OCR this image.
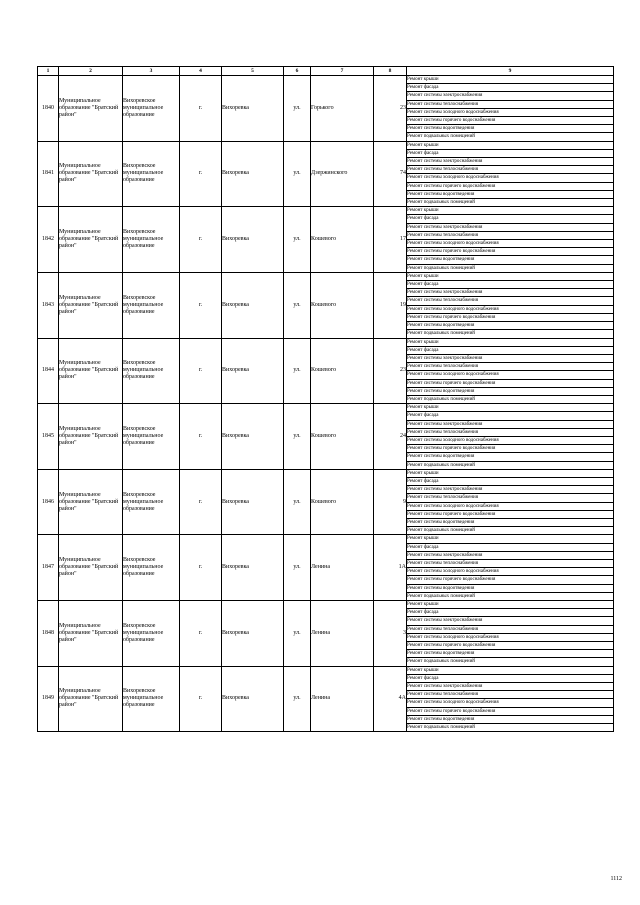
1	2	3	4	5	6	7	8	9
1840	Муниципальное образование "Братский район"	Вихоревское муниципальное образование	г.	Вихоревка	ул.	Горького	23	Ремонт крыши
								Ремонт фасада
								Ремонт системы электроснабжения
								Ремонт системы теплоснабжения
								Ремонт системы холодного водоснабжения
								Ремонт системы горячего водоснабжения
								Ремонт системы водоотведения
								Ремонт подвальных помещений
1841	Муниципальное образование "Братский район"	Вихоревское муниципальное образование	г.	Вихоревка	ул.	Дзержинского	74	Ремонт крыши
								Ремонт фасада
								Ремонт системы электроснабжения
								Ремонт системы теплоснабжения
								Ремонт системы холодного водоснабжения
								Ремонт системы горячего водоснабжения
								Ремонт системы водоотведения
								Ремонт подвальных помещений
1842	Муниципальное образование "Братский район"	Вихоревское муниципальное образование	г.	Вихоревка	ул.	Кошевого	17	Ремонт крыши
								Ремонт фасада
								Ремонт системы электроснабжения
								Ремонт системы теплоснабжения
								Ремонт системы холодного водоснабжения
								Ремонт системы горячего водоснабжения
								Ремонт системы водоотведения
								Ремонт подвальных помещений
1843	Муниципальное образование "Братский район"	Вихоревское муниципальное образование	г.	Вихоревка	ул.	Кошевого	19	Ремонт крыши
								Ремонт фасада
								Ремонт системы электроснабжения
								Ремонт системы теплоснабжения
								Ремонт системы холодного водоснабжения
								Ремонт системы горячего водоснабжения
								Ремонт системы водоотведения
								Ремонт подвальных помещений
1844	Муниципальное образование "Братский район"	Вихоревское муниципальное образование	г.	Вихоревка	ул.	Кошевого	23	Ремонт крыши
								Ремонт фасада
								Ремонт системы электроснабжения
								Ремонт системы теплоснабжения
								Ремонт системы холодного водоснабжения
								Ремонт системы горячего водоснабжения
								Ремонт системы водоотведения
								Ремонт подвальных помещений
1845	Муниципальное образование "Братский район"	Вихоревское муниципальное образование	г.	Вихоревка	ул.	Кошевого	24	Ремонт крыши
								Ремонт фасада
								Ремонт системы электроснабжения
								Ремонт системы теплоснабжения
								Ремонт системы холодного водоснабжения
								Ремонт системы горячего водоснабжения
								Ремонт системы водоотведения
								Ремонт подвальных помещений
1846	Муниципальное образование "Братский район"	Вихоревское муниципальное образование	г.	Вихоревка	ул.	Кошевого	9	Ремонт крыши
								Ремонт фасада
								Ремонт системы электроснабжения
								Ремонт системы теплоснабжения
								Ремонт системы холодного водоснабжения
								Ремонт системы горячего водоснабжения
								Ремонт системы водоотведения
								Ремонт подвальных помещений
1847	Муниципальное образование "Братский район"	Вихоревское муниципальное образование	г.	Вихоревка	ул.	Ленина	1А	Ремонт крыши
								Ремонт фасада
								Ремонт системы электроснабжения
								Ремонт системы теплоснабжения
								Ремонт системы холодного водоснабжения
								Ремонт системы горячего водоснабжения
								Ремонт системы водоотведения
								Ремонт подвальных помещений
1848	Муниципальное образование "Братский район"	Вихоревское муниципальное образование	г.	Вихоревка	ул.	Ленина	3	Ремонт крыши
								Ремонт фасада
								Ремонт системы электроснабжения
								Ремонт системы теплоснабжения
								Ремонт системы холодного водоснабжения
								Ремонт системы горячего водоснабжения
								Ремонт системы водоотведения
								Ремонт подвальных помещений
1849	Муниципальное образование "Братский район"	Вихоревское муниципальное образование	г.	Вихоревка	ул.	Ленина	4А	Ремонт крыши
								Ремонт фасада
								Ремонт системы электроснабжения
								Ремонт системы теплоснабжения
								Ремонт системы холодного водоснабжения
								Ремонт системы горячего водоснабжения
								Ремонт системы водоотведения
								Ремонт подвальных помещений
1112
